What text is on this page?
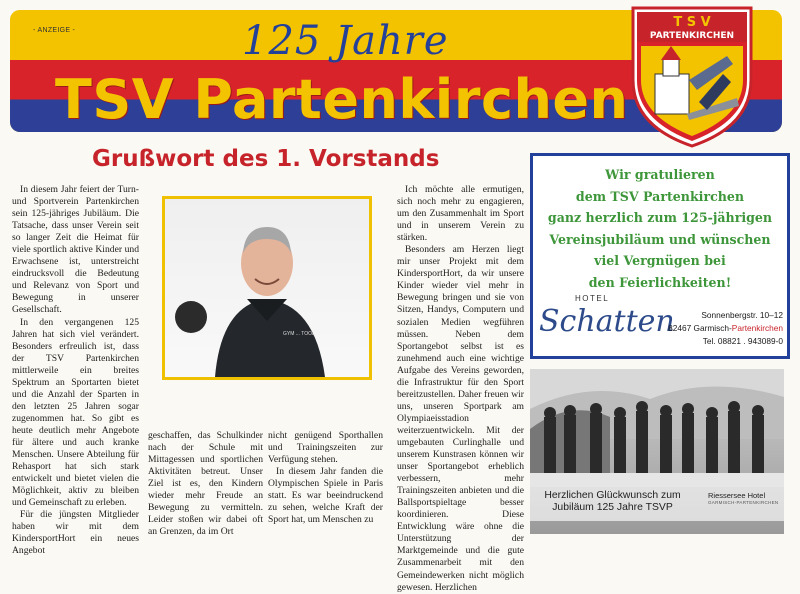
- ANZEIGE -	125 Jahre
TSV Partenkirchen
T S V
PARTENKIRCHEN
Grußwort des 1. Vorstands

In diesem Jahr feiert der Turn- und Sportverein Partenkirchen sein 125-jähriges Jubiläum. Die Tatsache, dass unser Verein seit so langer Zeit die Heimat für viele sportlich aktive Kinder und Erwachsene ist, unterstreicht eindrucksvoll die Bedeutung und Relevanz von Sport und Bewegung in unserer Gesellschaft.

In den vergangenen 125 Jahren hat sich viel verändert. Besonders erfreulich ist, dass der TSV Partenkirchen mittlerweile ein breites Spektrum an Sportarten bietet und die Anzahl der Sparten in den letzten 25 Jahren sogar zugenommen hat. So gibt es heute deutlich mehr Angebote für ältere und auch kranke Menschen. Unsere Abteilung für Rehasport hat sich stark entwickelt und bietet vielen die Möglichkeit, aktiv zu bleiben und Gemeinschaft zu erleben.

Für die jüngsten Mitglieder haben wir mit dem KindersportHort ein neues Angebot

GYM ... TOOL

geschaffen, das Schulkinder nach der Schule mit Mittagessen und sportlichen Aktivitäten betreut. Unser Ziel ist es, den Kindern wieder mehr Freude an Bewegung zu vermitteln. Leider stoßen wir dabei oft an Grenzen, da im Ort

nicht genügend Sporthallen und Trainingszeiten zur Verfügung stehen.

In diesem Jahr fanden die Olympischen Spiele in Paris statt. Es war beeindruckend zu sehen, welche Kraft der Sport hat, um Menschen zu

Ich möchte alle ermutigen, sich noch mehr zu engagieren, um den Zusammenhalt im Sport und in unserem Verein zu stärken.

Besonders am Herzen liegt mir unser Projekt mit dem KindersportHort, da wir unsere Kinder wieder viel mehr in Bewegung bringen und sie von Sitzen, Handys, Computern und sozialen Medien wegführen müssen. Neben dem Sportangebot selbst ist es zunehmend auch eine wichtige Aufgabe des Vereins geworden, die Infrastruktur für den Sport bereitzustellen. Daher freuen wir uns, unseren Sportpark am Olympiaeisstadion weiterzuentwickeln. Mit der umgebauten Curlinghalle und unserem Kunstrasen können wir unser Sportangebot erheblich verbessern, mehr Trainingszeiten anbieten und die Ballsportspieltage besser koordinieren. Diese Entwicklung wäre ohne die Unterstützung der Marktgemeinde und die gute Zusammenarbeit mit den Gemeindewerken nicht möglich gewesen. Herzlichen

Wir gratulieren
dem TSV Partenkirchen
ganz herzlich zum 125-jährigen
Vereinsjubiläum und wünschen
viel Vergnügen bei
den Feierlichkeiten!
HOTEL
Schatten	Sonnenbergstr. 10–12
82467 Garmisch-Partenkirchen
Tel. 08821 . 943089-0
Herzlichen Glückwunsch zum
Jubiläum 125 Jahre TSVP
Riessersee Hotel
GARMISCH-PARTENKIRCHEN
